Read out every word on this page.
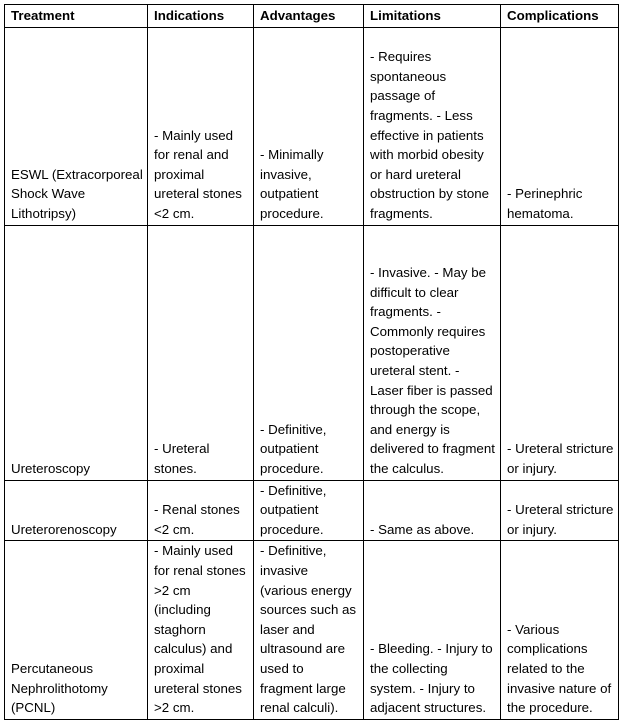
Treatment	Indications	Advantages	Limitations	Complications
ESWL (Extracorporeal Shock Wave Lithotripsy)	- Mainly used for renal and proximal ureteral stones <2 cm.	- Minimally invasive, outpatient procedure.	- Requires spontaneous passage of fragments. - Less effective in patients with morbid obesity or hard ureteral obstruction by stone fragments.	- Perinephric hematoma.
Ureteroscopy	- Ureteral stones.	- Definitive, outpatient procedure.	- Invasive. - May be difficult to clear fragments. - Commonly requires postoperative ureteral stent. - Laser fiber is passed through the scope, and energy is delivered to fragment the calculus.	- Ureteral stricture or injury.
Ureterorenoscopy	- Renal stones <2 cm.	- Definitive, outpatient procedure.	- Same as above.	- Ureteral stricture or injury.
Percutaneous Nephrolithotomy (PCNL)	- Mainly used for renal stones >2 cm (including staghorn calculus) and proximal ureteral stones >2 cm.	- Definitive, invasive (various energy sources such as laser and ultrasound are used to fragment large renal calculi).	- Bleeding. - Injury to the collecting system. - Injury to adjacent structures.	- Various complications related to the invasive nature of the procedure.
